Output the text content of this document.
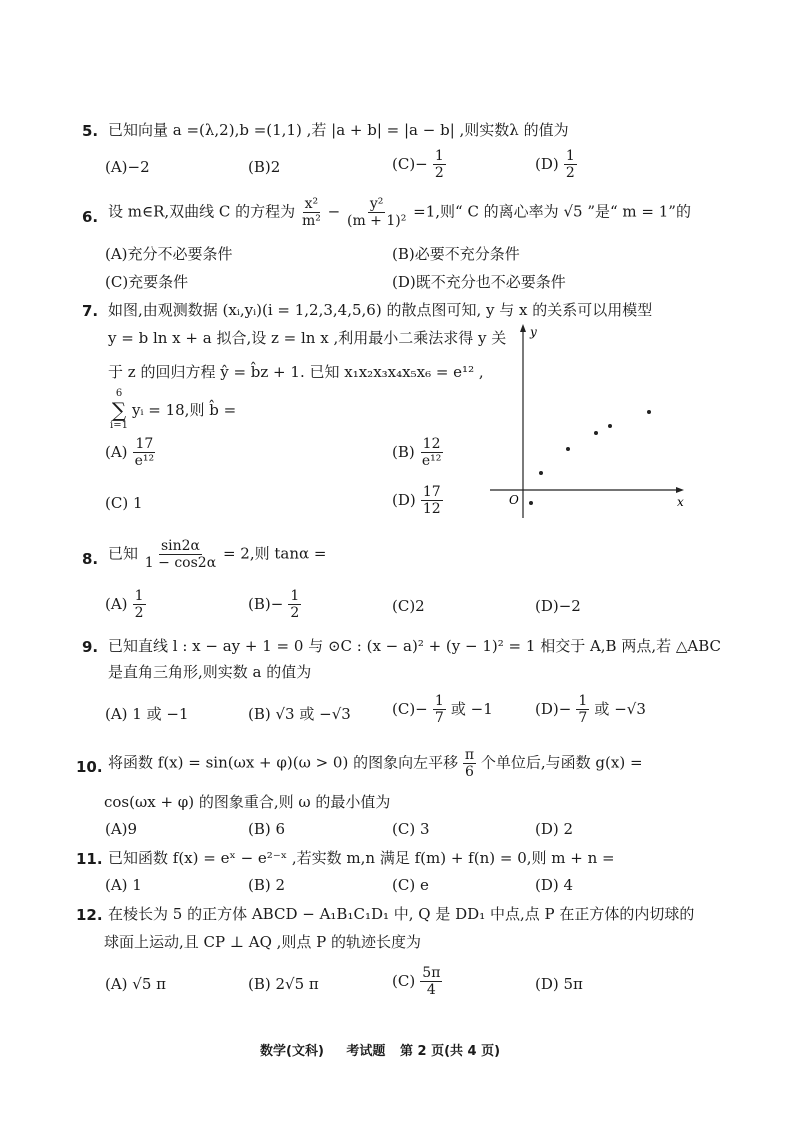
5. 已知向量 a =(λ,2),b =(1,1) ,若 |a + b| = |a − b| ,则实数λ 的值为
(A)−2	(B)2	$(C)- \frac{1}{2}$	$(D) \frac{1}{2}$
6. 设 m∈R,双曲线 C 的方程为 $\frac{\text{x²}}{\text{m²}} - \frac{\text{y²}}{\text{(m + 1)²}} =1$,则“ C 的离心率为 √5 ”是“ m = 1”的
(A)充分不必要条件	(B)必要不充分条件
(C)充要条件	(D)既不充分也不必要条件
7. 如图,由观测数据 (xᵢ,yᵢ)(i = 1,2,3,4,5,6) 的散点图可知, y 与 x 的关系可以用模型
y = b ln x + a 拟合,设 z = ln x ,利用最小二乘法求得 y 关
于 z 的回归方程 ŷ = b̂z + 1. 已知 x₁x₂x₃x₄x₅x₆ = e¹² ,
6
∑
i=1
yᵢ = 18,则 b̂ =
$(A) \frac{17}{\text{e¹²}}$	$(B) \frac{12}{\text{e¹²}}$
(C) 1	$(D) \frac{17}{12}$
y
x
O
8. 已知 $\frac{\sin 2\alpha}{1 - \cos 2\alpha} = 2$,则 tanα =
$(A) \frac{1}{2}$	$(B)- \frac{1}{2}$	(C)2	(D)−2
9. 已知直线 l : x − ay + 1 = 0 与 ⊙C : (x − a)² + (y − 1)² = 1 相交于 A,B 两点,若 △ABC
是直角三角形,则实数 a 的值为
(A) 1 或 −1	(B) √3 或 −√3	$(C)- \frac{1}{7}$ 或 −1	$(D)- \frac{1}{7}$ 或 −√3
10. 将函数 f(x) = sin(ωx + φ)(ω > 0) 的图象向左平移 $\frac{\pi}{6}$ 个单位后,与函数 g(x) =
cos(ωx + φ) 的图象重合,则 ω 的最小值为
(A)9	(B) 6	(C) 3	(D) 2
11. 已知函数 f(x) = eˣ − e²⁻ˣ ,若实数 m,n 满足 f(m) + f(n) = 0,则 m + n =
(A) 1	(B) 2	(C) e	(D) 4
12. 在棱长为 5 的正方体 ABCD − A₁B₁C₁D₁ 中, Q 是 DD₁ 中点,点 P 在正方体的内切球的
球面上运动,且 CP ⊥ AQ ,则点 P 的轨迹长度为
(A) √5 π	(B) 2√5 π	$(C) \frac{5\pi}{4}$	(D) 5π
数学(文科) 考试题 第 2 页(共 4 页)
